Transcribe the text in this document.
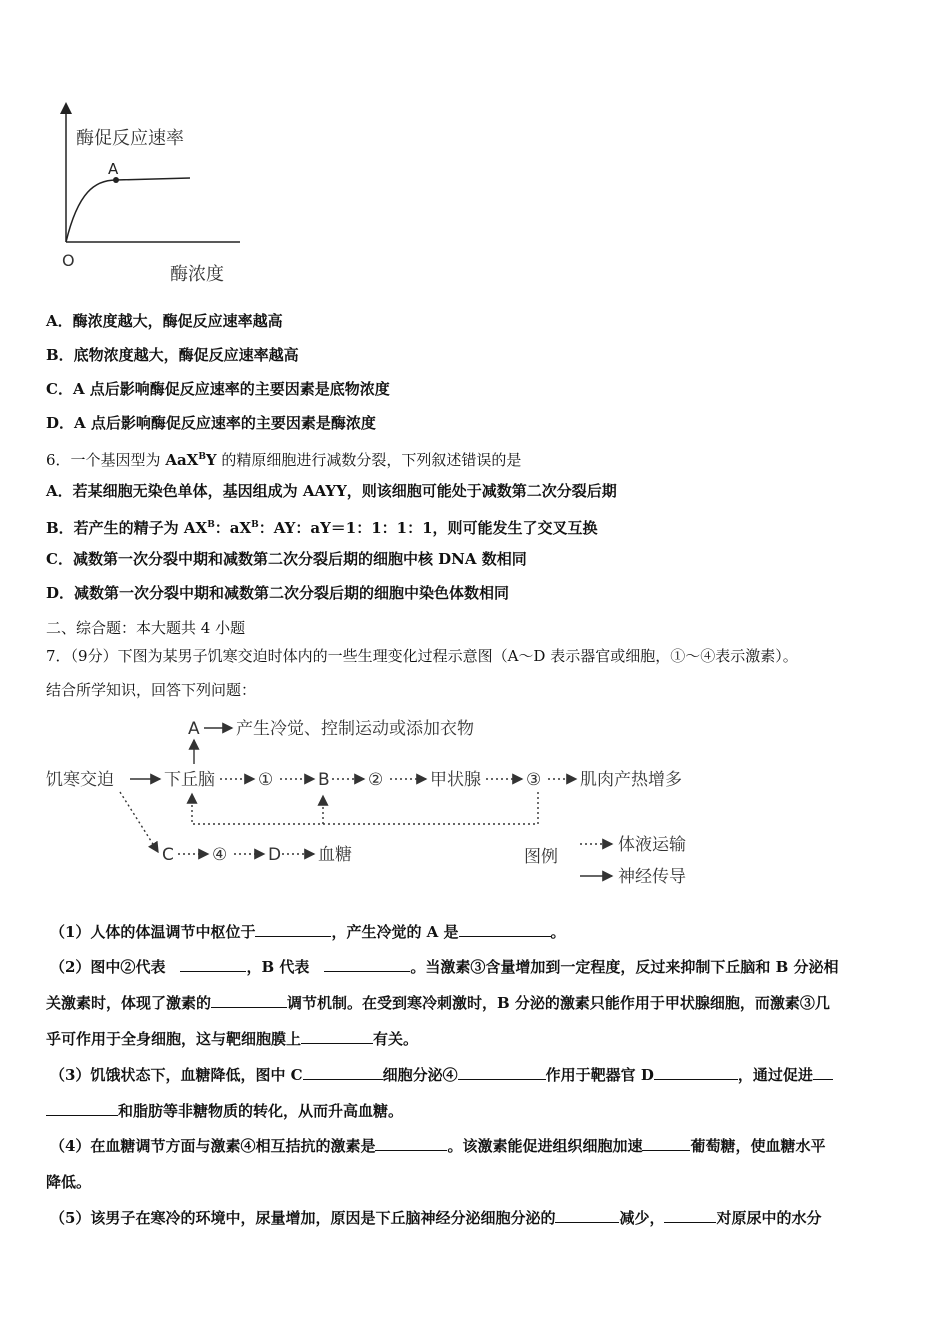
A
酶促反应速率
O
酶浓度
A．酶浓度越大，酶促反应速率越高
B．底物浓度越大，酶促反应速率越高
C．A 点后影响酶促反应速率的主要因素是底物浓度
D．A 点后影响酶促反应速率的主要因素是酶浓度
6．一个基因型为 AaX$^B$Y 的精原细胞进行减数分裂，下列叙述错误的是
A．若某细胞无染色单体，基因组成为 AAYY，则该细胞可能处于减数第二次分裂后期
B．若产生的精子为 $AX^B$：$aX^B$：AY：aY＝1：1：1：1，则可能发生了交叉互换
C．减数第一次分裂中期和减数第二次分裂后期的细胞中核 DNA 数相同
D．减数第一次分裂中期和减数第二次分裂后期的细胞中染色体数相同
二、综合题：本大题共 4 小题
7．（9分）下图为某男子饥寒交迫时体内的一些生理变化过程示意图（A～D 表示器官或细胞，①～④表示激素）。
结合所学知识，回答下列问题：
饥寒交迫	下丘脑
A 产生冷觉、控制运动或添加衣物
①	B ②	甲状腺	③ 肌肉产热增多
C ④ D 血糖	图例
体液运输
神经传导
（1）人体的体温调节中枢位于	，产生冷觉的 A 是	。
（2）图中②代表　	，B 代表　	。当激素③含量增加到一定程度，反过来抑制下丘脑和 B 分泌相
关激素时，体现了激素的	调节机制。在受到寒冷刺激时，B 分泌的激素只能作用于甲状腺细胞，而激素③几
乎可作用于全身细胞，这与靶细胞膜上	有关。
（3）饥饿状态下，血糖降低，图中 C	细胞分泌④	作用于靶器官 D	，通过促进
和脂肪等非糖物质的转化，从而升高血糖。
（4）在血糖调节方面与激素④相互拮抗的激素是	。该激素能促进组织细胞加速	葡萄糖，使血糖水平
降低。
（5）该男子在寒冷的环境中，尿量增加，原因是下丘脑神经分泌细胞分泌的	减少，	对原尿中的水分
